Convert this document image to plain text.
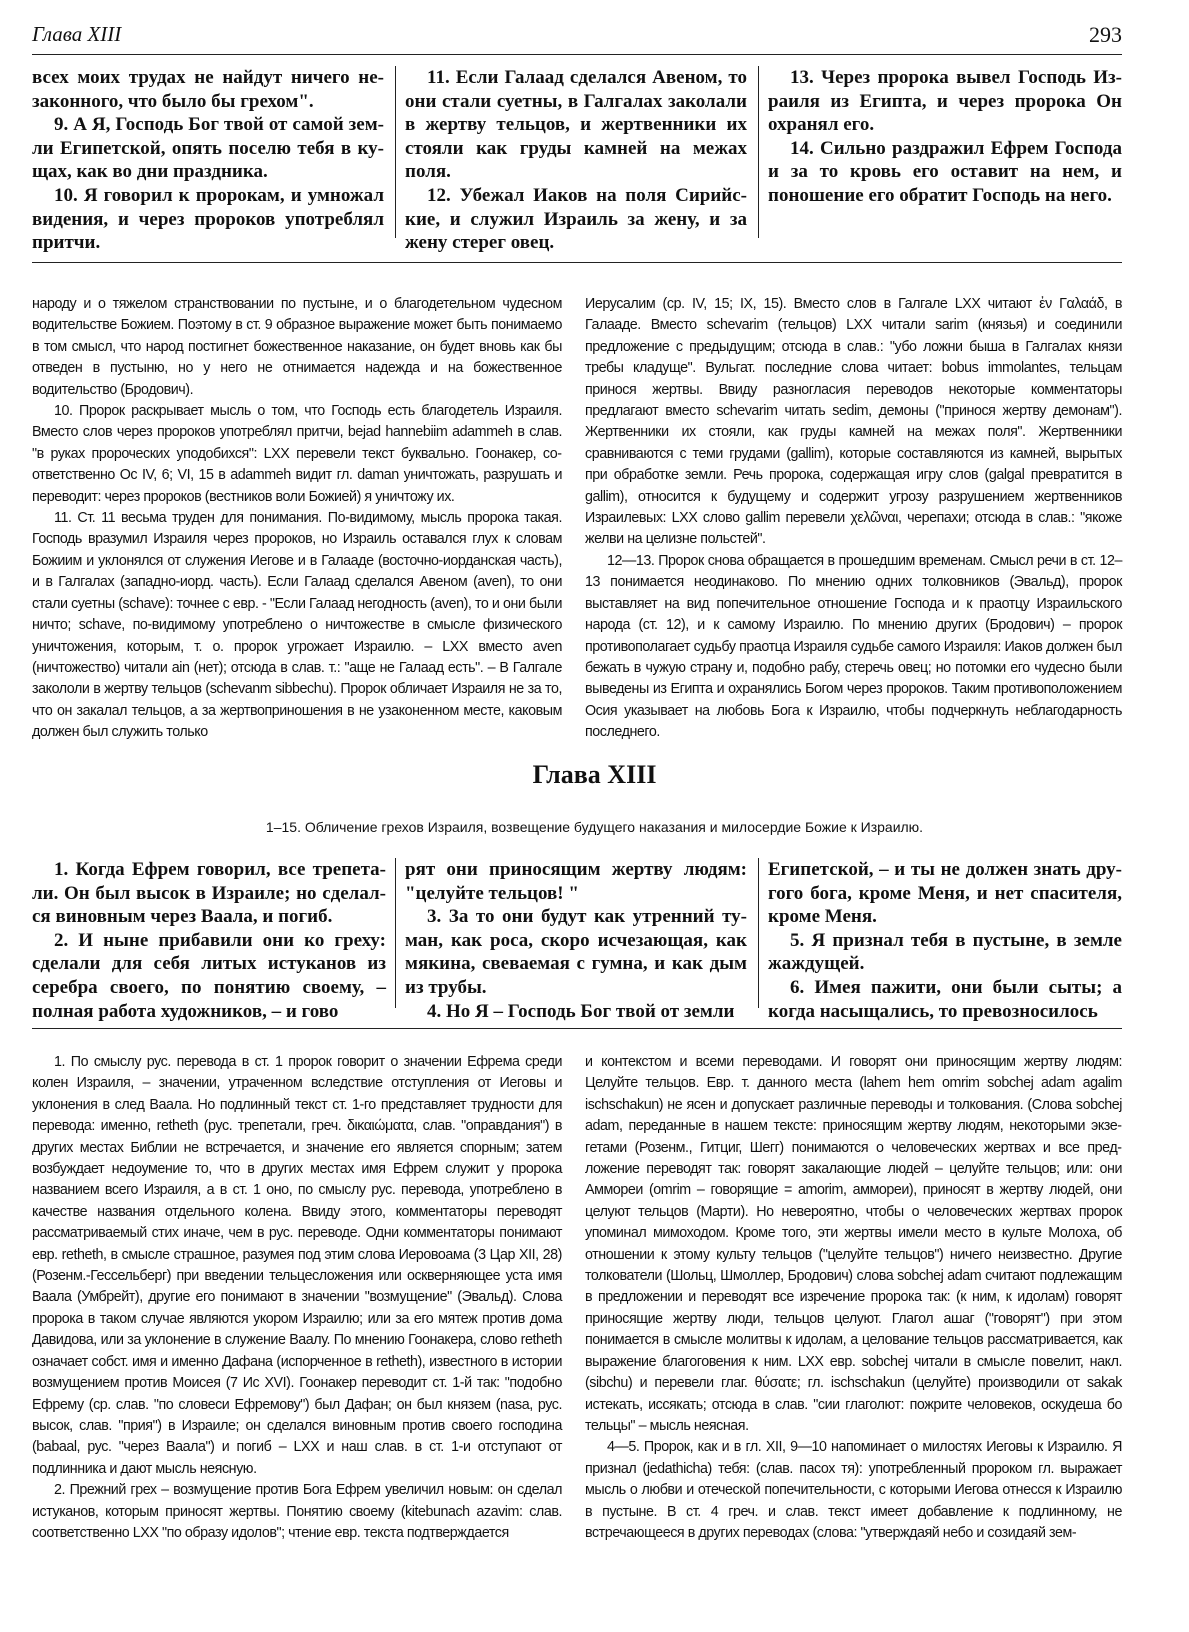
Глава XIII	293

всех моих трудах не найдут ничего незаконного, что было бы грехом".

9. А Я, Господь Бог твой от самой земли Египетской, опять поселю тебя в кущах, как во дни праздника.

10. Я говорил к пророкам, и умножал видения, и через пророков употреблял притчи.

11. Если Галаад сделался Авеном, то они стали суетны, в Галгалах заколали в жертву тельцов, и жертвенники их стояли как груды камней на межах поля.

12. Убежал Иаков на поля Сирийские, и служил Израиль за жену, и за жену стерег овец.

13. Через пророка вывел Господь Израиля из Египта, и через пророка Он охранял его.

14. Сильно раздражил Ефрем Господа и за то кровь его оставит на нем, и поношение его обратит Господь на него.

народу и о тяжелом странствовании по пустыне, и о благодетельном чудесном водительстве Божием. Поэтому в ст. 9 образное выражение может быть понимаемо в том смысл, что народ постигнет божественное наказание, он будет вновь как бы отведен в пустыню, но у него не отнимается надежда и на божественное водительство (Бродович).

10. Пророк раскрывает мысль о том, что Господь есть благодетель Израиля. Вместо слов через пророков употреблял притчи, bejad hannebiim adammeh в слав. "в руках пророческих уподобихся": LXX перевели текст буквально. Гоонакер, соответственно Ос IV, 6; VI, 15 в adammeh видит гл. daman уничтожать, разрушать и переводит: через пророков (вестников воли Божией) я уничтожу их.

11. Ст. 11 весьма труден для понимания. По-видимому, мысль пророка такая. Господь вразумил Израиля через пророков, но Израиль оставался глух к словам Божиим и уклонялся от служения Иегове и в Галааде (восточно-иорданская часть), и в Галгалах (западно-иорд. часть). Если Галаад сделался Авеном (aven), то они стали суетны (schave): точнее с евр. - "Если Галаад негодность (aven), то и они были ничто; schave, по-видимому употреблено о ничтожестве в смысле физического уничтожения, которым, т. о. пророк угрожает Израилю. – LXX вместо aven (ничтожество) читали ain (нет); отсюда в слав. т.: "аще не Галаад есть". – В Галгале закололи в жертву тельцов (schevanm sibbechu). Пророк обличает Израиля не за то, что он закалал тельцов, а за жертвоприношения в не узаконенном месте, каковым должен был служить только

Иерусалим (ср. IV, 15; IX, 15). Вместо слов в Галгале LXX читают ἐν Γαλαάδ, в Галааде. Вместо schevarim (тельцов) LXX читали sarim (князья) и соединили предложение с предыдущим; отсюда в слав.: "убо ложни быша в Галгалах князи требы кладуще". Вульгат. последние слова читает: bobus immolantes, тельцам принося жертвы. Ввиду разногласия переводов некоторые комментаторы предлагают вместо schevarim читать sedim, демоны ("принося жертву демонам"). Жертвенники их стояли, как груды камней на межах поля". Жертвенники сравниваются с теми грудами (gallim), которые составляются из камней, вырытых при обработке земли. Речь пророка, содержащая игру слов (galgal превратится в gallim), относится к будущему и содержит угрозу разрушением жертвенников Израилевых: LXX слово gallim перевели χελῶναι, черепахи; отсюда в слав.: "якоже желви на целизне польстей".

12—13. Пророк снова обращается в прошедшим временам. Смысл речи в ст. 12–13 понимается неодинаково. По мнению одних толковников (Эвальд), пророк выставляет на вид попечительное отношение Господа и к праотцу Израильского народа (ст. 12), и к самому Израилю. По мнению других (Бродович) – пророк противополагает судьбу праотца Израиля судьбе самого Израиля: Иаков должен был бежать в чужую страну и, подобно рабу, стеречь овец; но потомки его чудесно были выведены из Египта и охранялись Богом через пророков. Таким противоположением Осия указывает на любовь Бога к Израилю, чтобы подчеркнуть неблагодарность последнего.

Глава XIII
1–15. Обличение грехов Израиля, возвещение будущего наказания и милосердие Божие к Израилю.

1. Когда Ефрем говорил, все трепетали. Он был высок в Израиле; но сделался виновным через Ваала, и погиб.

2. И ныне прибавили они ко греху: сделали для себя литых истуканов из серебра своего, по понятию своему, – полная работа художников, – и гово

рят они приносящим жертву людям: "целуйте тельцов! "

3. За то они будут как утренний туман, как роса, скоро исчезающая, как мякина, свеваемая с гумна, и как дым из трубы.

4. Но Я – Господь Бог твой от земли

Египетской, – и ты не должен знать другого бога, кроме Меня, и нет спасителя, кроме Меня.

5. Я признал тебя в пустыне, в земле жаждущей.

6. Имея пажити, они были сыты; а когда насыщались, то превозносилось

1. По смыслу рус. перевода в ст. 1 пророк говорит о значении Ефрема среди колен Израиля, – значении, утраченном вследствие отступления от Иеговы и уклонения в след Ваала. Но подлинный текст ст. 1-го представляет трудности для перевода: именно, retheth (рус. трепетали, греч. δικαιώματα, слав. "оправдания") в других местах Библии не встречается, и значение его является спорным; затем возбуждает недоумение то, что в других местах имя Ефрем служит у пророка названием всего Израиля, а в ст. 1 оно, по смыслу рус. перевода, употреблено в качестве названия отдельного колена. Ввиду этого, комментаторы переводят рассматриваемый стих иначе, чем в рус. переводе. Одни комментаторы понимают евр. retheth, в смысле страшное, разумея под этим слова Иеровоама (3 Цар XII, 28) (Розенм.-Гессельберг) при введении тельцесложения или оскверняющее уста имя Ваала (Умбрейт), другие его понимают в значении "возмущение" (Эвальд). Слова пророка в таком случае являются укором Израилю; или за его мятеж против дома Давидова, или за уклонение в служение Ваалу. По мнению Гоонакера, слово retheth означает собст. имя и именно Дафана (испорченное в retheth), известного в истории возмущением против Моисея (7 Ис XVI). Гоонакер переводит ст. 1-й так: "подобно Ефрему (ср. слав. "по словеси Ефремову") был Дафан; он был князем (nasa, рус. высок, слав. "прия") в Израиле; он сделался виновным против своего господина (babaal, рус. "через Ваала") и погиб – LXX и наш слав. в ст. 1-и отступают от подлинника и дают мысль неясную.

2. Прежний грех – возмущение против Бога Ефрем увеличил новым: он сделал истуканов, которым приносят жертвы. Понятию своему (kitebunach azavim: слав. соответственно LXX "по образу идолов"; чтение евр. текста подтверждается

и контекстом и всеми переводами. И говорят они приносящим жертву людям: Целуйте тельцов. Евр. т. данного места (lahem hem omrim sobchej adam agalim ischschakun) не ясен и допускает различные переводы и толкования. (Слова sobchej adam, переданные в нашем тексте: приносящим жертву людям, некоторыми экзегетами (Розенм., Гитциг, Шегг) понимаются о человеческих жертвах и все предложение переводят так: говорят закалающие людей – целуйте тельцов; или: они Аммореи (omrim – говорящие = amorim, аммореи), приносят в жертву людей, они целуют тельцов (Марти). Но невероятно, чтобы о человеческих жертвах пророк упоминал мимоходом. Кроме того, эти жертвы имели место в культе Молоха, об отношении к этому культу тельцов ("целуйте тельцов") ничего неизвестно. Другие толкователи (Шольц, Шмоллер, Бродович) слова sobchej adam считают подлежащим в предложении и переводят все изречение пророка так: (к ним, к идолам) говорят приносящие жертву люди, тельцов целуют. Глагол ашаг ("говорят") при этом понимается в смысле молитвы к идолам, а целование тельцов рассматривается, как выражение благоговения к ним. LXX евр. sobchej читали в смысле повелит, накл. (sibchu) и перевели глаг. θύσατε; гл. ischschakun (целуйте) производили от sakak истекать, иссякать; отсюда в слав. "сии глаголют: пожрите человеков, оскудеша бо тельцы" – мысль неясная.

4—5. Пророк, как и в гл. XII, 9—10 напоминает о милостях Иеговы к Израилю. Я признал (jedathicha) тебя: (слав. пасох тя): употребленный пророком гл. выражает мысль о любви и отеческой попечительности, с которыми Иегова отнесся к Израилю в пустыне. В ст. 4 греч. и слав. текст имеет добавление к подлинному, не встречающееся в других переводах (слова: "утверждаяй небо и созидаяй зем-
